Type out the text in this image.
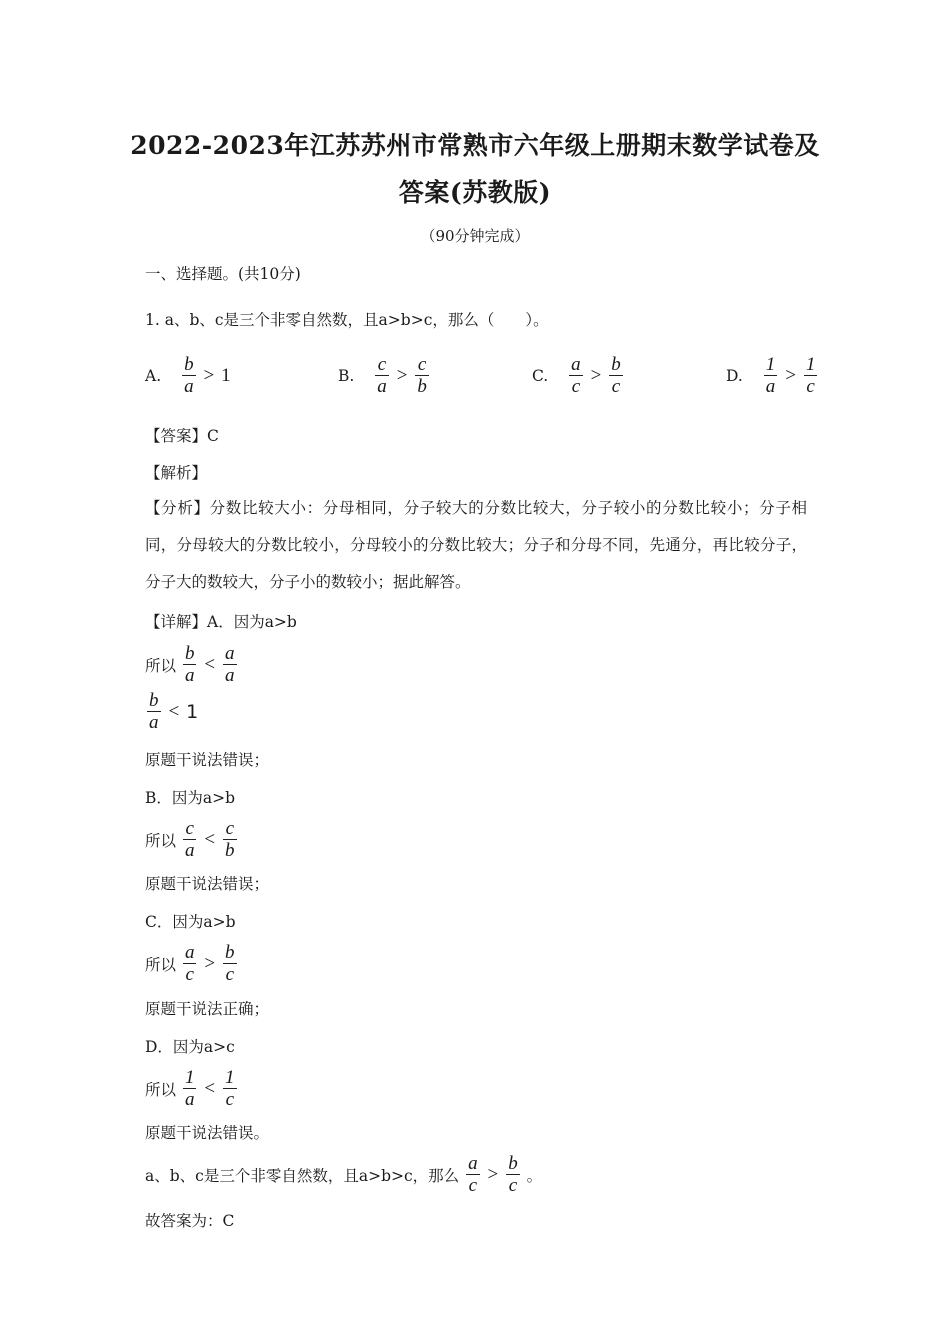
2022-2023年江苏苏州市常熟市六年级上册期末数学试卷及
答案(苏教版)
（90分钟完成）
一、选择题。(共10分)
1. a、b、c是三个非零自然数，且a>b>c，那么（　　）。
A. $\frac{b}{a} > 1$	B. $\frac{c}{a} > \frac{c}{b}$	C. $\frac{a}{c} > \frac{b}{c}$	D. $\frac{1}{a} > \frac{1}{c}$
【答案】C
【解析】
【分析】分数比较大小：分母相同，分子较大的分数比较大，分子较小的分数比较小；分子相同，分母较大的分数比较小，分母较小的分数比较大；分子和分母不同，先通分，再比较分子，分子大的数较大，分子小的数较小；据此解答。
【详解】A．因为a>b
所以 $\frac{b}{a} < \frac{a}{a}$
$\frac{b}{a} < 1$
原题干说法错误；
B．因为a>b
所以 $\frac{c}{a} < \frac{c}{b}$
原题干说法错误；
C．因为a>b
所以 $\frac{a}{c} > \frac{b}{c}$
原题干说法正确；
D．因为a>c
所以 $\frac{1}{a} < \frac{1}{c}$
原题干说法错误。
a、b、c是三个非零自然数，且a>b>c，那么 $\frac{a}{c} > \frac{b}{c}$ 。
故答案为：C
